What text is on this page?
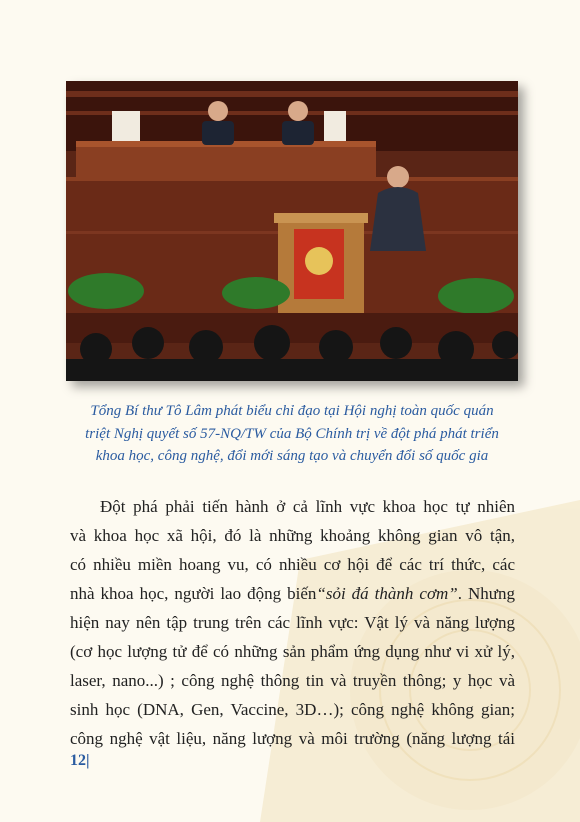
Tổng Bí thư Tô Lâm phát biểu chỉ đạo tại Hội nghị toàn quốc quán
triệt Nghị quyết số 57-NQ/TW của Bộ Chính trị về đột phá phát triển
khoa học, công nghệ, đổi mới sáng tạo và chuyển đổi số quốc gia
Đột phá phải tiến hành ở cả lĩnh vực khoa học tự nhiên
và khoa học xã hội, đó là những khoảng không gian vô tận,
có nhiều miền hoang vu, có nhiều cơ hội để các trí thức, các
nhà khoa học, người lao động biến“sỏi đá thành cơm”. Nhưng
hiện nay nên tập trung trên các lĩnh vực: Vật lý và năng lượng
(cơ học lượng tử để có những sản phẩm ứng dụng như vi xử lý,
laser, nano...) ; công nghệ thông tin và truyền thông; y học và
sinh học (DNA, Gen, Vaccine, 3D…); công nghệ không gian;
công nghệ vật liệu, năng lượng và môi trường (năng lượng tái
12|
